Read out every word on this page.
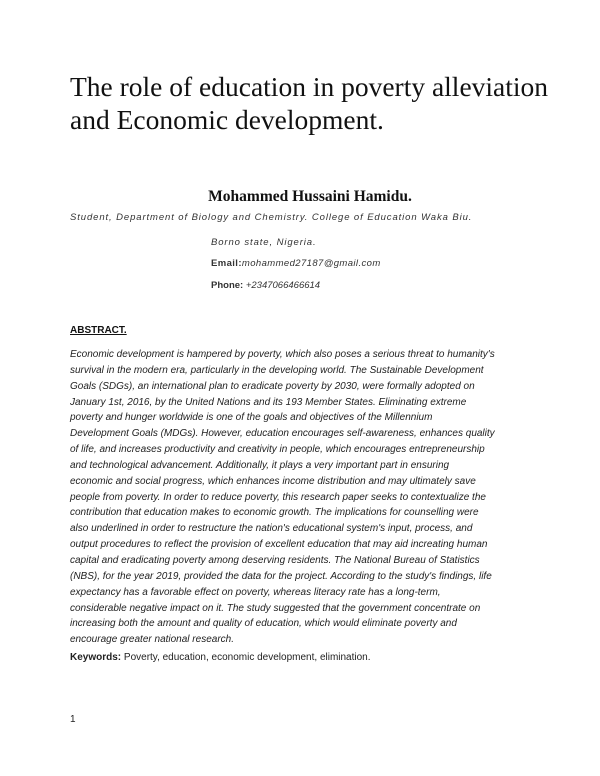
The role of education in poverty alleviation and Economic development.
Mohammed Hussaini Hamidu.
Student, Department of Biology and Chemistry. College of Education Waka Biu.
Borno state, Nigeria.
Email:mohammed27187@gmail.com
Phone: +2347066466614
ABSTRACT.
Economic development is hampered by poverty, which also poses a serious threat to humanity's
survival in the modern era, particularly in the developing world. The Sustainable Development
Goals (SDGs), an international plan to eradicate poverty by 2030, were formally adopted on
January 1st, 2016, by the United Nations and its 193 Member States. Eliminating extreme
poverty and hunger worldwide is one of the goals and objectives of the Millennium
Development Goals (MDGs). However, education encourages self-awareness, enhances quality
of life, and increases productivity and creativity in people, which encourages entrepreneurship
and technological advancement. Additionally, it plays a very important part in ensuring
economic and social progress, which enhances income distribution and may ultimately save
people from poverty. In order to reduce poverty, this research paper seeks to contextualize the
contribution that education makes to economic growth. The implications for counselling were
also underlined in order to restructure the nation's educational system's input, process, and
output procedures to reflect the provision of excellent education that may aid increating human
capital and eradicating poverty among deserving residents. The National Bureau of Statistics
(NBS), for the year 2019, provided the data for the project. According to the study's findings, life
expectancy has a favorable effect on poverty, whereas literacy rate has a long-term,
considerable negative impact on it. The study suggested that the government concentrate on
increasing both the amount and quality of education, which would eliminate poverty and
encourage greater national research.
Keywords: Poverty, education, economic development, elimination.
1
